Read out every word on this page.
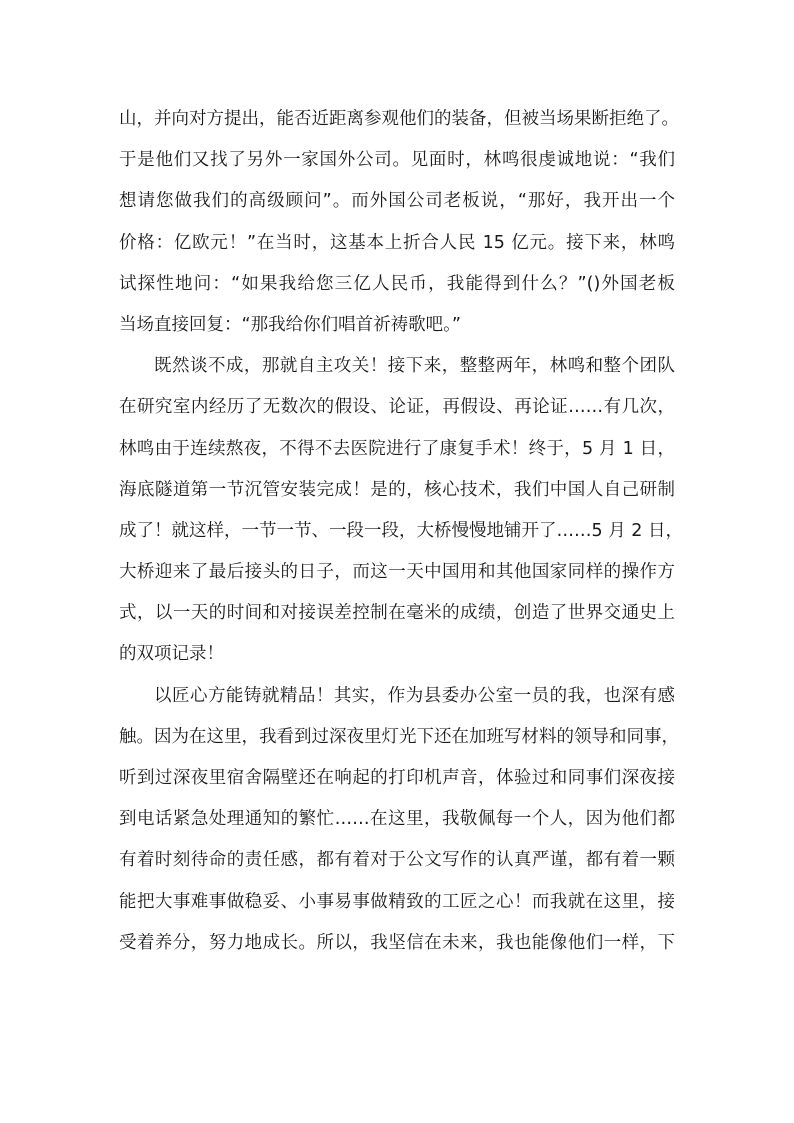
山，并向对方提出，能否近距离参观他们的装备，但被当场果断拒绝了。
于是他们又找了另外一家国外公司。见面时，林鸣很虔诚地说：“我们
想请您做我们的高级顾问”。而外国公司老板说，“那好，我开出一个
价格：亿欧元！”在当时，这基本上折合人民 15 亿元。接下来，林鸣
试探性地问：“如果我给您三亿人民币，我能得到什么？”()外国老板
当场直接回复：“那我给你们唱首祈祷歌吧。”
既然谈不成，那就自主攻关！接下来，整整两年，林鸣和整个团队
在研究室内经历了无数次的假设、论证，再假设、再论证……有几次，
林鸣由于连续熬夜，不得不去医院进行了康复手术！终于，5 月 1 日，
海底隧道第一节沉管安装完成！是的，核心技术，我们中国人自己研制
成了！就这样，一节一节、一段一段，大桥慢慢地铺开了……5 月 2 日，
大桥迎来了最后接头的日子，而这一天中国用和其他国家同样的操作方
式，以一天的时间和对接误差控制在毫米的成绩，创造了世界交通史上
的双项记录！
以匠心方能铸就精品！其实，作为县委办公室一员的我，也深有感
触。因为在这里，我看到过深夜里灯光下还在加班写材料的领导和同事，
听到过深夜里宿舍隔壁还在响起的打印机声音，体验过和同事们深夜接
到电话紧急处理通知的繁忙……在这里，我敬佩每一个人，因为他们都
有着时刻待命的责任感，都有着对于公文写作的认真严谨，都有着一颗
能把大事难事做稳妥、小事易事做精致的工匠之心！而我就在这里，接
受着养分，努力地成长。所以，我坚信在未来，我也能像他们一样，下
